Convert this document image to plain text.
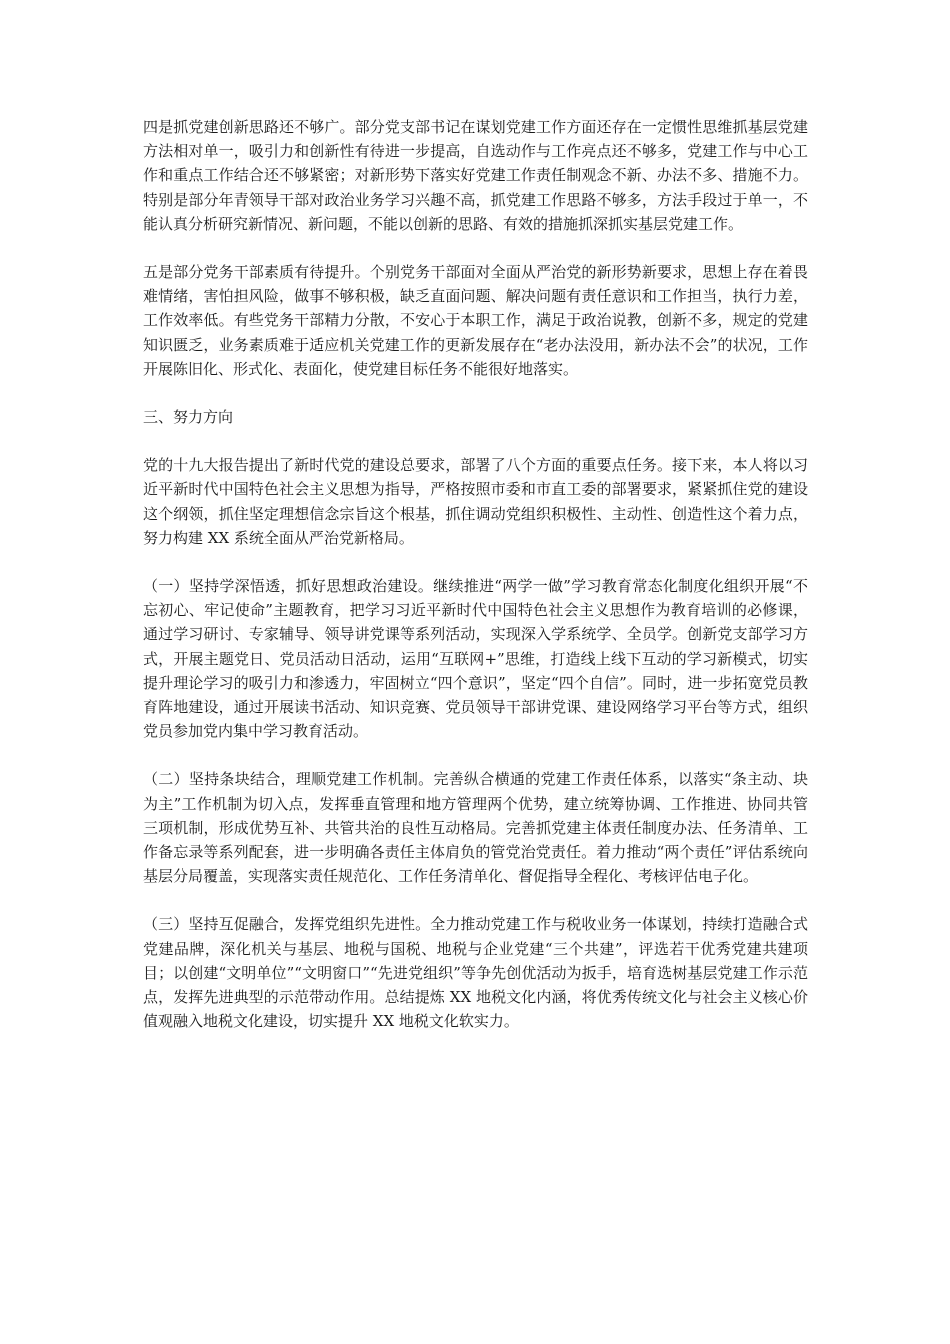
四是抓党建创新思路还不够广。部分党支部书记在谋划党建工作方面还存在一定惯性思维抓基层党建方法相对单一，吸引力和创新性有待进一步提高，自选动作与工作亮点还不够多，党建工作与中心工作和重点工作结合还不够紧密；对新形势下落实好党建工作责任制观念不新、办法不多、措施不力。特别是部分年青领导干部对政治业务学习兴趣不高，抓党建工作思路不够多，方法手段过于单一，不能认真分析研究新情况、新问题，不能以创新的思路、有效的措施抓深抓实基层党建工作。

五是部分党务干部素质有待提升。个别党务干部面对全面从严治党的新形势新要求，思想上存在着畏难情绪，害怕担风险，做事不够积极，缺乏直面问题、解决问题有责任意识和工作担当，执行力差，工作效率低。有些党务干部精力分散，不安心于本职工作，满足于政治说教，创新不多，规定的党建知识匮乏，业务素质难于适应机关党建工作的更新发展存在“老办法没用，新办法不会”的状况，工作开展陈旧化、形式化、表面化，使党建目标任务不能很好地落实。

三、努力方向

党的十九大报告提出了新时代党的建设总要求，部署了八个方面的重要点任务。接下来，本人将以习近平新时代中国特色社会主义思想为指导，严格按照市委和市直工委的部署要求，紧紧抓住党的建设这个纲领，抓住坚定理想信念宗旨这个根基，抓住调动党组织积极性、主动性、创造性这个着力点，努力构建 XX 系统全面从严治党新格局。

（一）坚持学深悟透，抓好思想政治建设。继续推进“两学一做”学习教育常态化制度化组织开展“不忘初心、牢记使命”主题教育，把学习习近平新时代中国特色社会主义思想作为教育培训的必修课，通过学习研讨、专家辅导、领导讲党课等系列活动，实现深入学系统学、全员学。创新党支部学习方式，开展主题党日、党员活动日活动，运用“互联网+”思维，打造线上线下互动的学习新模式，切实提升理论学习的吸引力和渗透力，牢固树立“四个意识”，坚定“四个自信”。同时，进一步拓宽党员教育阵地建设，通过开展读书活动、知识竞赛、党员领导干部讲党课、建设网络学习平台等方式，组织党员参加党内集中学习教育活动。

（二）坚持条块结合，理顺党建工作机制。完善纵合横通的党建工作责任体系，以落实“条主动、块为主”工作机制为切入点，发挥垂直管理和地方管理两个优势，建立统筹协调、工作推进、协同共管三项机制，形成优势互补、共管共治的良性互动格局。完善抓党建主体责任制度办法、任务清单、工作备忘录等系列配套，进一步明确各责任主体肩负的管党治党责任。着力推动“两个责任”评估系统向基层分局覆盖，实现落实责任规范化、工作任务清单化、督促指导全程化、考核评估电子化。

（三）坚持互促融合，发挥党组织先进性。全力推动党建工作与税收业务一体谋划，持续打造融合式党建品牌，深化机关与基层、地税与国税、地税与企业党建“三个共建”，评选若干优秀党建共建项目；以创建“文明单位”“文明窗口”“先进党组织”等争先创优活动为扳手，培育选树基层党建工作示范点，发挥先进典型的示范带动作用。总结提炼 XX 地税文化内涵，将优秀传统文化与社会主义核心价值观融入地税文化建设，切实提升 XX 地税文化软实力。
